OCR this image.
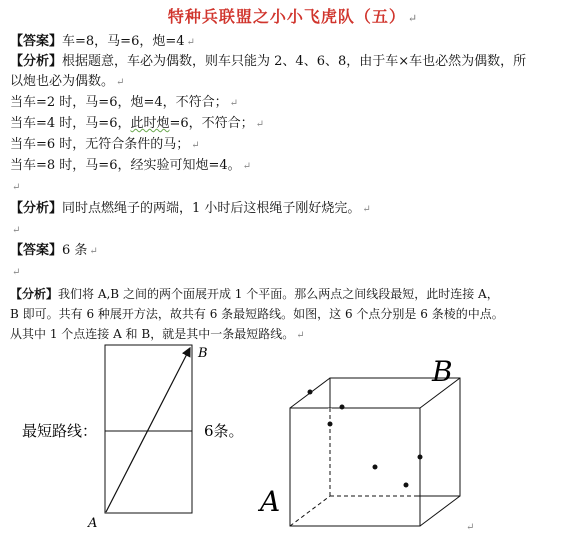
特种兵联盟之小小飞虎队（五） ↵
【答案】车=8，马=6，炮=4 ↵
【分析】根据题意，车必为偶数，则车只能为 2、4、6、8，由于车×车也必然为偶数，所
以炮也必为偶数。 ↵
当车=2 时，马=6，炮=4，不符合； ↵
当车=4 时，马=6，此时炮=6，不符合； ↵
当车=6 时，无符合条件的马； ↵
当车=8 时，马=6，经实验可知炮=4。 ↵
↵
【分析】同时点燃绳子的两端，1 小时后这根绳子刚好烧完。 ↵
↵
【答案】6 条 ↵
↵
【分析】我们将 A,B 之间的两个面展开成 1 个平面。那么两点之间线段最短，此时连接 A，
B 即可。共有 6 种展开方法，故共有 6 条最短路线。如图，这 6 个点分别是 6 条棱的中点。
从其中 1 个点连接 A 和 B，就是其中一条最短路线。 ↵
B
A
最短路线：	6条。
B
A
↵
